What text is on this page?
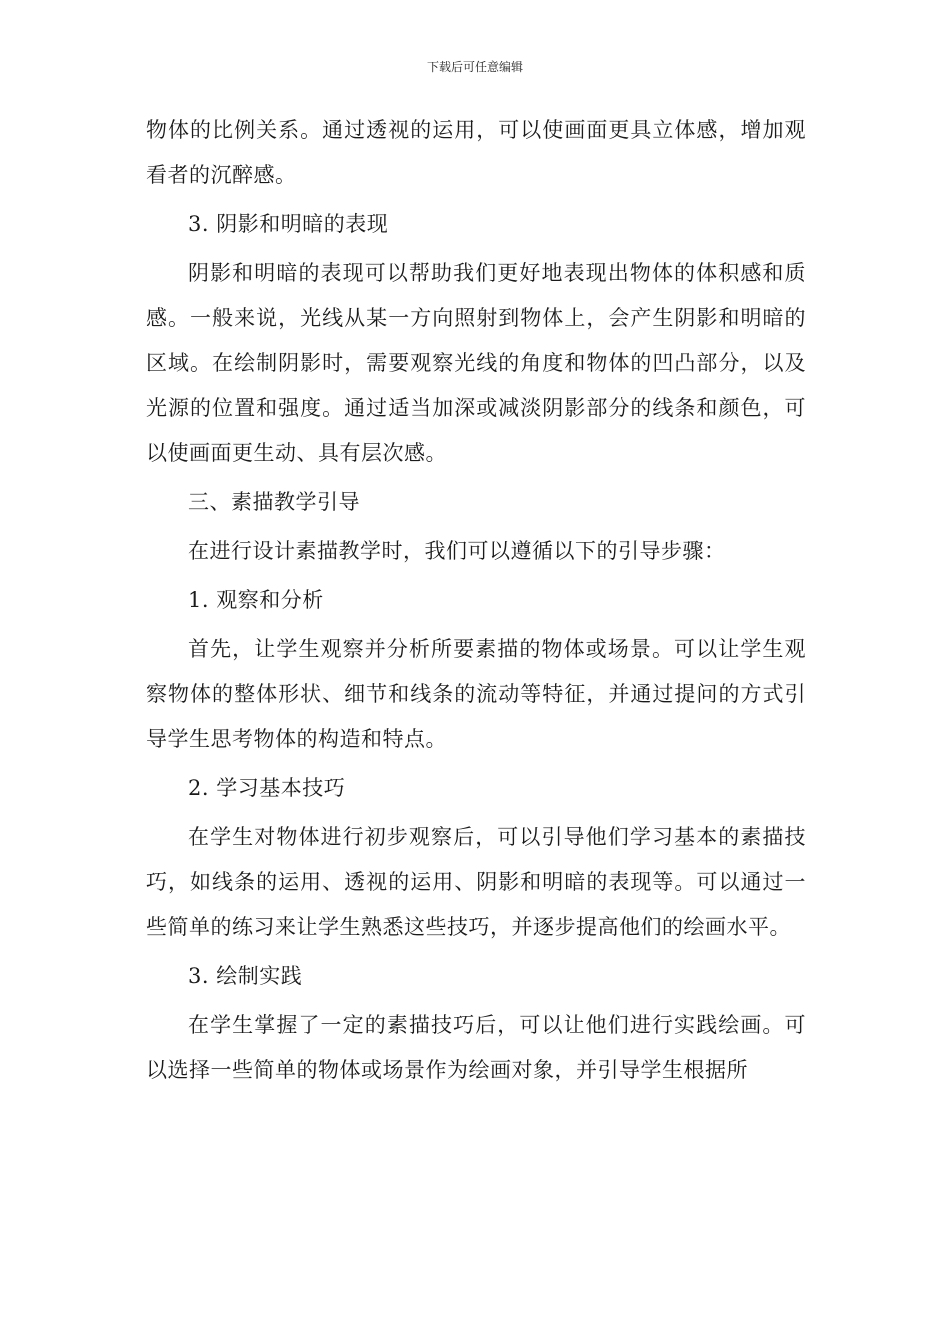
下载后可任意编辑

物体的比例关系。通过透视的运用，可以使画面更具立体感，增加观看者的沉醉感。

3. 阴影和明暗的表现

阴影和明暗的表现可以帮助我们更好地表现出物体的体积感和质感。一般来说，光线从某一方向照射到物体上，会产生阴影和明暗的区域。在绘制阴影时，需要观察光线的角度和物体的凹凸部分，以及光源的位置和强度。通过适当加深或减淡阴影部分的线条和颜色，可以使画面更生动、具有层次感。

三、素描教学引导

在进行设计素描教学时，我们可以遵循以下的引导步骤：

1. 观察和分析

首先，让学生观察并分析所要素描的物体或场景。可以让学生观察物体的整体形状、细节和线条的流动等特征，并通过提问的方式引导学生思考物体的构造和特点。

2. 学习基本技巧

在学生对物体进行初步观察后，可以引导他们学习基本的素描技巧，如线条的运用、透视的运用、阴影和明暗的表现等。可以通过一些简单的练习来让学生熟悉这些技巧，并逐步提高他们的绘画水平。

3. 绘制实践

在学生掌握了一定的素描技巧后，可以让他们进行实践绘画。可以选择一些简单的物体或场景作为绘画对象，并引导学生根据所
